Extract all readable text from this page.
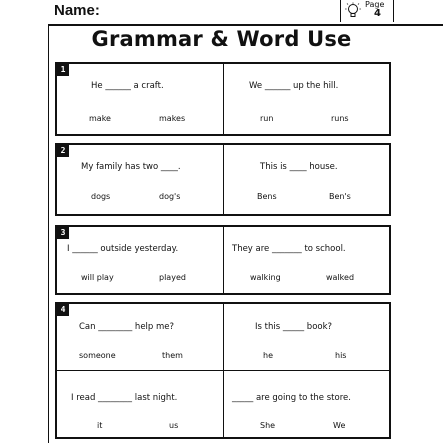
Name:	Page
4
Grammar & Word Use
1
He ______ a craft.
make	makes
We ______ up the hill.
run	runs
2
My family has two ____.
dogs	dog's
This is ____ house.
Bens	Ben's
3
I ______ outside yesterday.
will play	played
They are _______ to school.
walking	walked
4
Can ________ help me?
someone	them
Is this _____ book?
he	his
I read ________ last night.
it	us
_____ are going to the store.
She	We
